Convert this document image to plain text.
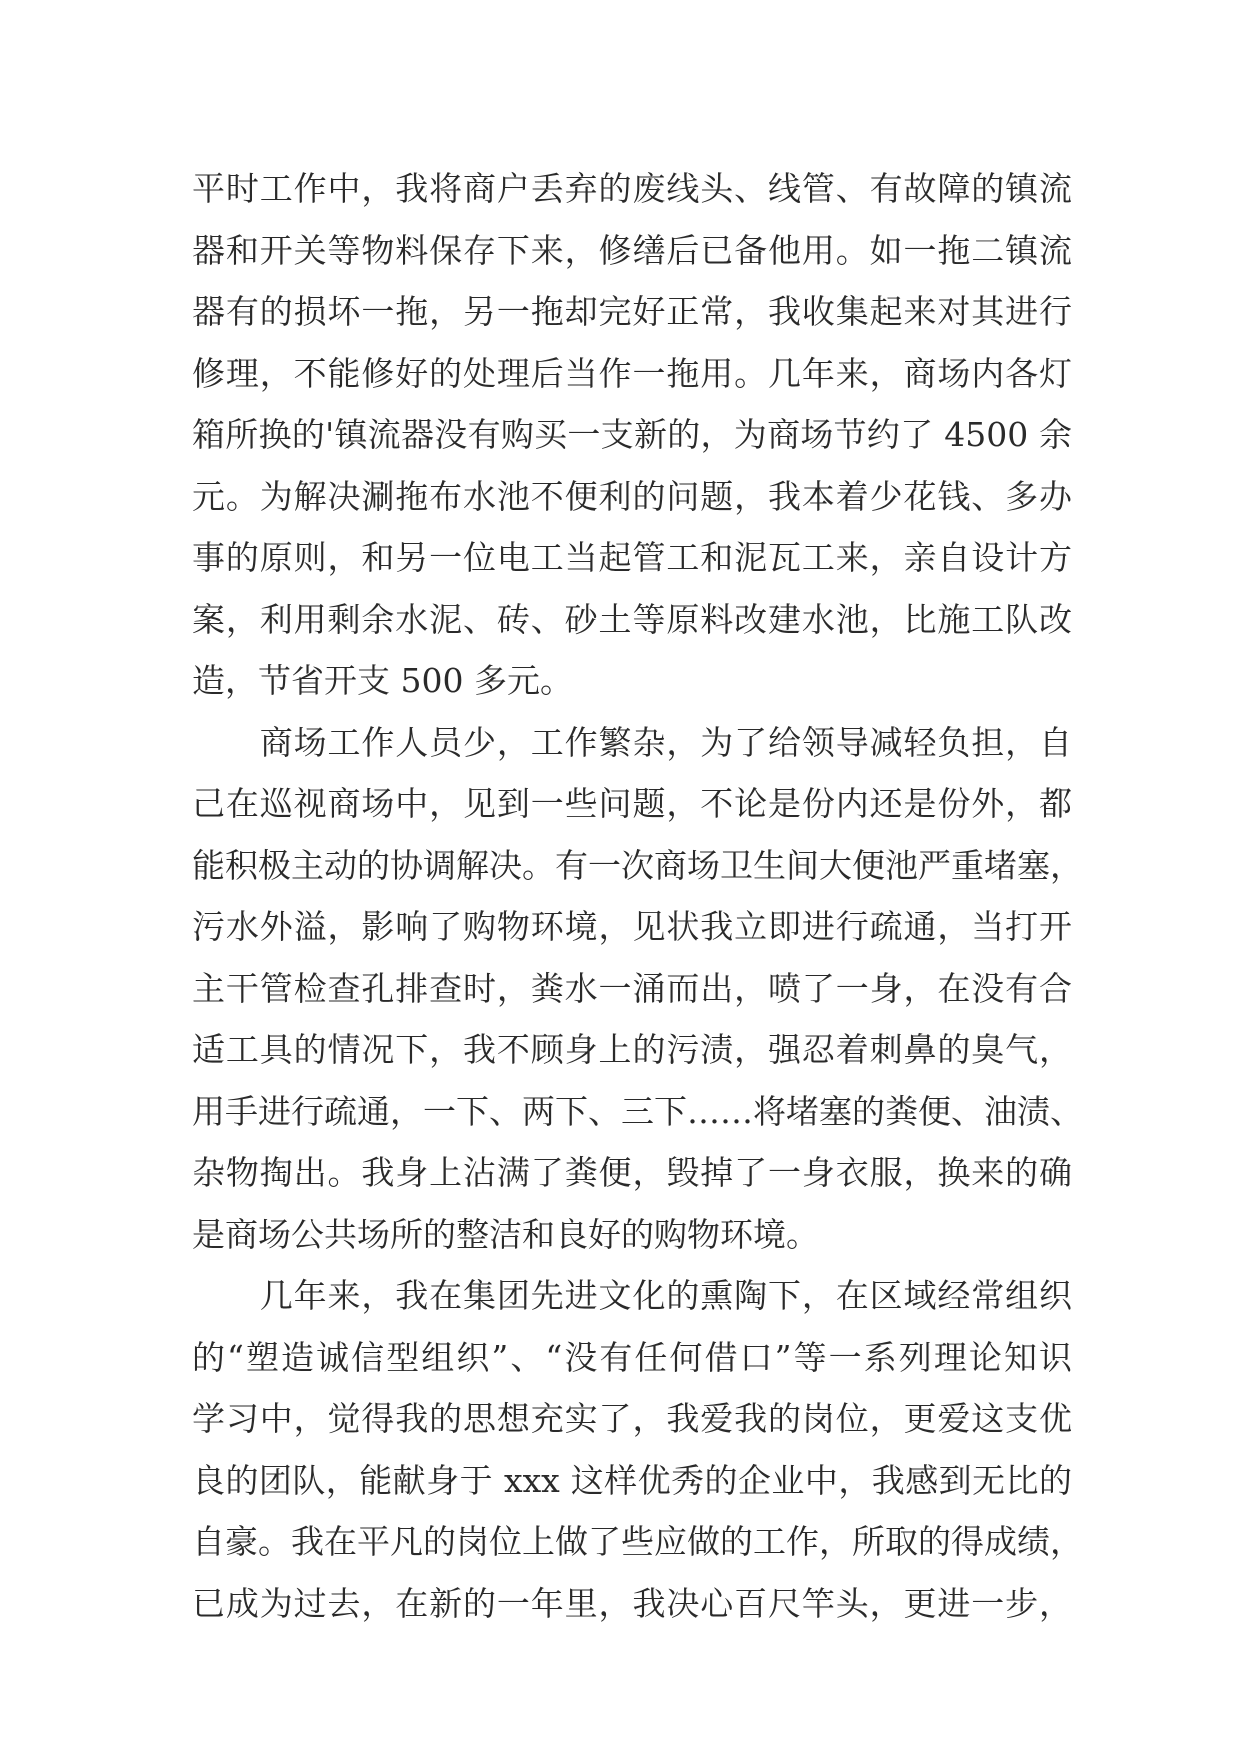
平时工作中，我将商户丢弃的废线头、线管、有故障的镇流
器和开关等物料保存下来，修缮后已备他用。如一拖二镇流
器有的损坏一拖，另一拖却完好正常，我收集起来对其进行
修理，不能修好的处理后当作一拖用。几年来，商场内各灯
箱所换的'镇流器没有购买一支新的，为商场节约了 4500 余
元。为解决涮拖布水池不便利的问题，我本着少花钱、多办
事的原则，和另一位电工当起管工和泥瓦工来，亲自设计方
案，利用剩余水泥、砖、砂土等原料改建水池，比施工队改
造，节省开支 500 多元。
　　商场工作人员少，工作繁杂，为了给领导减轻负担，自
己在巡视商场中，见到一些问题，不论是份内还是份外，都
能积极主动的协调解决。有一次商场卫生间大便池严重堵塞，
污水外溢，影响了购物环境，见状我立即进行疏通，当打开
主干管检查孔排查时，粪水一涌而出，喷了一身，在没有合
适工具的情况下，我不顾身上的污渍，强忍着刺鼻的臭气，
用手进行疏通，一下、两下、三下……将堵塞的粪便、油渍、
杂物掏出。我身上沾满了粪便，毁掉了一身衣服，换来的确
是商场公共场所的整洁和良好的购物环境。
　　几年来，我在集团先进文化的熏陶下，在区域经常组织
的“塑造诚信型组织”、“没有任何借口”等一系列理论知识
学习中，觉得我的思想充实了，我爱我的岗位，更爱这支优
良的团队，能献身于 xxx 这样优秀的企业中，我感到无比的
自豪。我在平凡的岗位上做了些应做的工作，所取的得成绩，
已成为过去，在新的一年里，我决心百尺竿头，更进一步，
